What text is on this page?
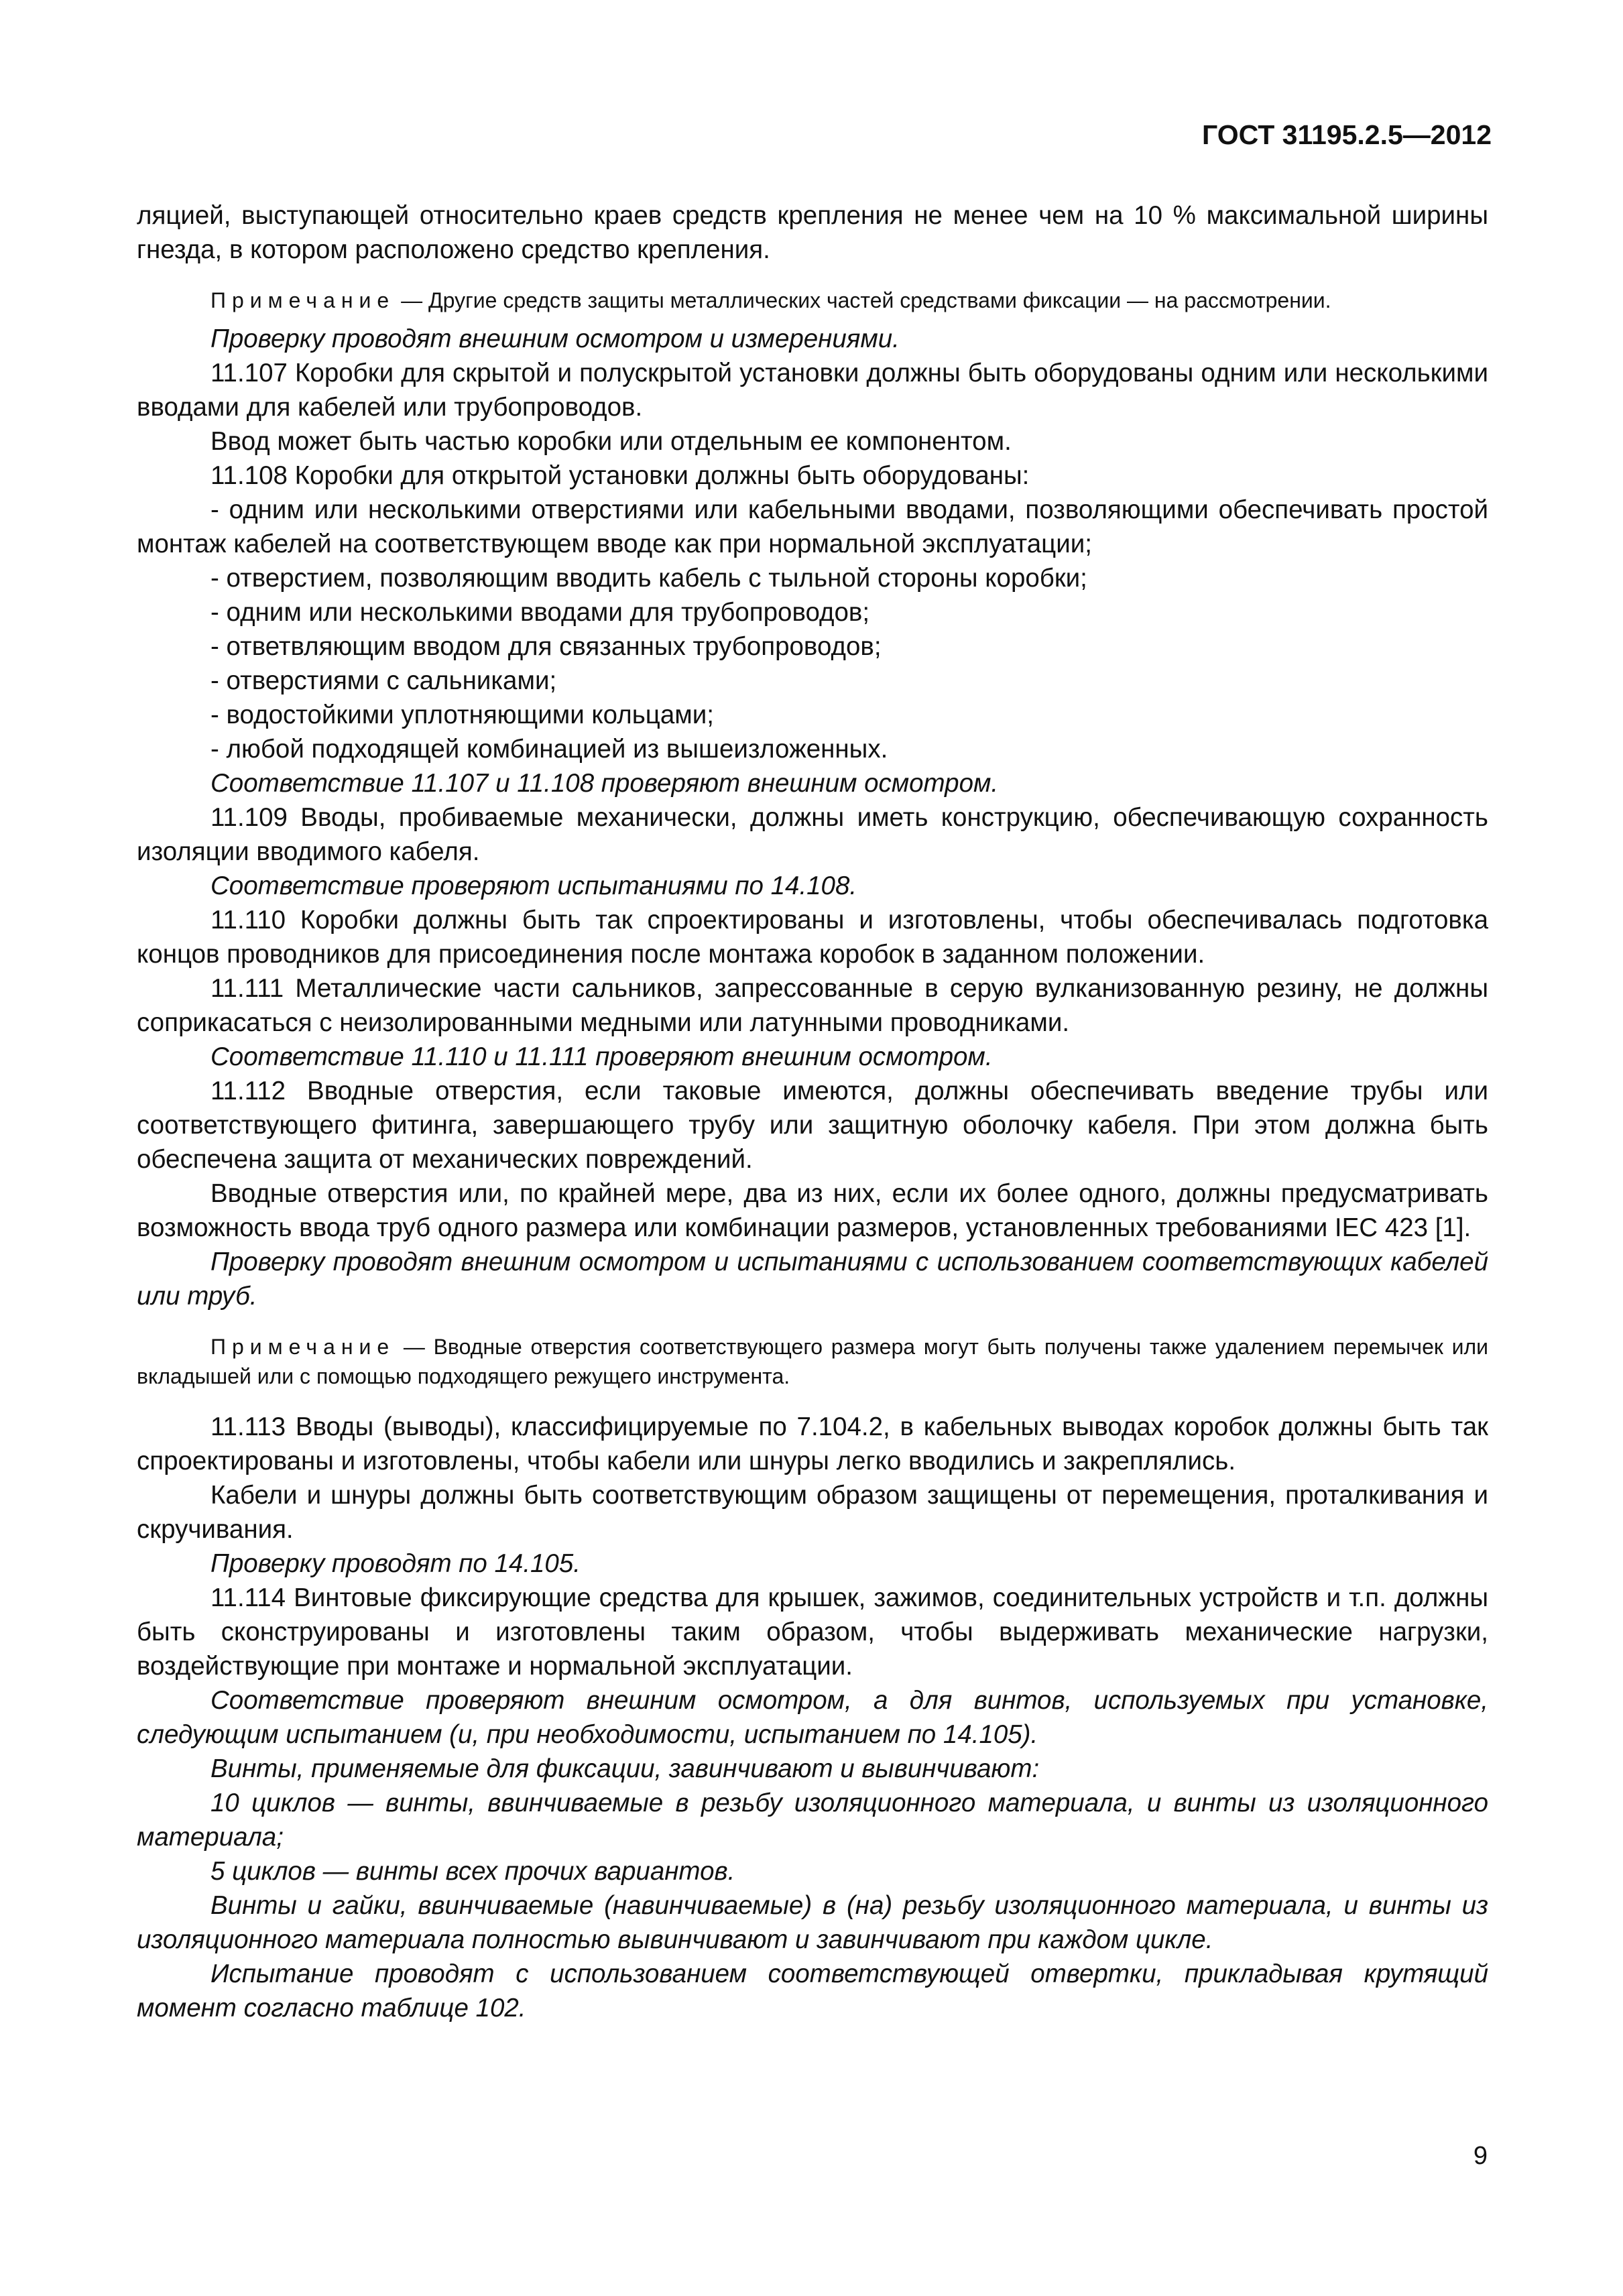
ГОСТ 31195.2.5—2012

ляцией, выступающей относительно краев средств крепления не менее чем на 10 % максимальной ширины гнезда, в котором расположено средство крепления.

Примечание — Другие средств защиты металлических частей средствами фиксации — на рассмотрении.

Проверку проводят внешним осмотром и измерениями.

11.107 Коробки для скрытой и полускрытой установки должны быть оборудованы одним или несколькими вводами для кабелей или трубопроводов.

Ввод может быть частью коробки или отдельным ее компонентом.

11.108 Коробки для открытой установки должны быть оборудованы:

- одним или несколькими отверстиями или кабельными вводами, позволяющими обеспечивать простой монтаж кабелей на соответствующем вводе как при нормальной эксплуатации;

- отверстием, позволяющим вводить кабель с тыльной стороны коробки;

- одним или несколькими вводами для трубопроводов;

- ответвляющим вводом для связанных трубопроводов;

- отверстиями с сальниками;

- водостойкими уплотняющими кольцами;

- любой подходящей комбинацией из вышеизложенных.

Соответствие 11.107 и 11.108 проверяют внешним осмотром.

11.109 Вводы, пробиваемые механически, должны иметь конструкцию, обеспечивающую сохранность изоляции вводимого кабеля.

Соответствие проверяют испытаниями по 14.108.

11.110 Коробки должны быть так спроектированы и изготовлены, чтобы обеспечивалась подготовка концов проводников для присоединения после монтажа коробок в заданном положении.

11.111 Металлические части сальников, запрессованные в серую вулканизованную резину, не должны соприкасаться с неизолированными медными или латунными проводниками.

Соответствие 11.110 и 11.111 проверяют внешним осмотром.

11.112 Вводные отверстия, если таковые имеются, должны обеспечивать введение трубы или соответствующего фитинга, завершающего трубу или защитную оболочку кабеля. При этом должна быть обеспечена защита от механических повреждений.

Вводные отверстия или, по крайней мере, два из них, если их более одного, должны предусматривать возможность ввода труб одного размера или комбинации размеров, установленных требованиями IEC 423 [1].

Проверку проводят внешним осмотром и испытаниями с использованием соответствующих кабелей или труб.

Примечание — Вводные отверстия соответствующего размера могут быть получены также удалением перемычек или вкладышей или с помощью подходящего режущего инструмента.

11.113 Вводы (выводы), классифицируемые по 7.104.2, в кабельных выводах коробок должны быть так спроектированы и изготовлены, чтобы кабели или шнуры легко вводились и закреплялись.

Кабели и шнуры должны быть соответствующим образом защищены от перемещения, проталкивания и скручивания.

Проверку проводят по 14.105.

11.114 Винтовые фиксирующие средства для крышек, зажимов, соединительных устройств и т.п. должны быть сконструированы и изготовлены таким образом, чтобы выдерживать механические нагрузки, воздействующие при монтаже и нормальной эксплуатации.

Соответствие проверяют внешним осмотром, а для винтов, используемых при установке, следующим испытанием (и, при необходимости, испытанием по 14.105).

Винты, применяемые для фиксации, завинчивают и вывинчивают:

10 циклов — винты, ввинчиваемые в резьбу изоляционного материала, и винты из изоляционного материала;

5 циклов — винты всех прочих вариантов.

Винты и гайки, ввинчиваемые (навинчиваемые) в (на) резьбу изоляционного материала, и винты из изоляционного материала полностью вывинчивают и завинчивают при каждом цикле.

Испытание проводят с использованием соответствующей отвертки, прикладывая крутящий момент согласно таблице 102.

9
